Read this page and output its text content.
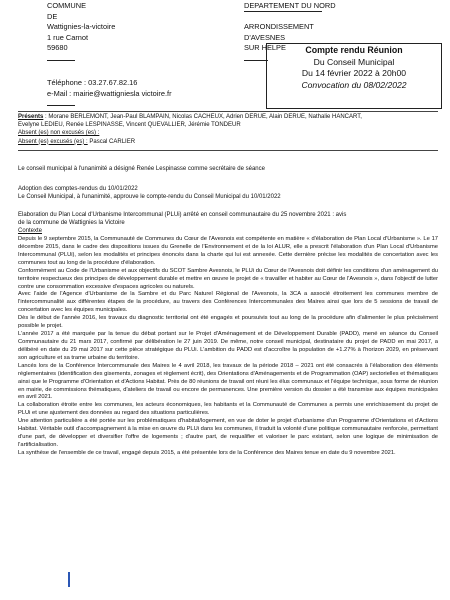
COMMUNE
DE
Wattignies-la-victoire
1 rue Carnot
59680
Téléphone : 03.27.67.82.16
e-Mail : mairie@wattigniesla victoire.fr
DEPARTEMENT DU NORD
ARRONDISSEMENT
D'AVESNES
SUR HELPE	Compte rendu Réunion
Du Conseil Municipal
Du 14 février 2022 à 20h00
Convocation du 08/02/2022
Présents : Morane BERLEMONT, Jean-Paul BLAMPAIN, Nicolas CACHEUX, Adrien DERUE, Alain DERUE, Nathalie HANCART,
Evelyne LEDIEU, Renée LESPINASSE, Vincent QUEVALLIER, Jérémie TONDEUR
Absent (es) non excusés (es) :
Absent (es) excusés (es) : Pascal CARLIER
Le conseil municipal à l'unanimité a désigné Renée Lespinasse comme secrétaire de séance
Adoption des comptes-rendus du 10/01/2022
Le Conseil Municipal, à l'unanimité, approuve le compte-rendu du Conseil Municipal du 10/01/2022
Elaboration du Plan Local d'Urbanisme Intercommunal (PLUi) arrêté en conseil communautaire du 25 novembre 2021 : avis
de la commune de Wattignies la Victoire
Contexte

Depuis le 9 septembre 2015, la Communauté de Communes du Cœur de l'Avesnois est compétente en matière « d'élaboration de Plan Local d'Urbanisme ». Le 17 décembre 2015, dans le cadre des dispositions issues du Grenelle de l'Environnement et de la loi ALUR, elle a prescrit l'élaboration d'un Plan Local d'Urbanisme Intercommunal (PLUi), selon les modalités et principes énoncés dans la charte qui lui est annexée. Cette dernière précise les modalités de concertation avec les communes tout au long de la procédure d'élaboration.

Conformément au Code de l'Urbanisme et aux objectifs du SCOT Sambre Avesnois, le PLUi du Cœur de l'Avesnois doit définir les conditions d'un aménagement du territoire respectueux des principes de développement durable et mettre en œuvre le projet de « travailler et habiter au Cœur de l'Avesnois », dans l'objectif de lutter contre une consommation excessive d'espaces agricoles ou naturels.

Avec l'aide de l'Agence d'Urbanisme de la Sambre et du Parc Naturel Régional de l'Avesnois, la 3CA a associé étroitement les communes membre de l'intercommunalité aux différentes étapes de la procédure, au travers des Conférences Intercommunales des Maires ainsi que lors de 5 sessions de travail de concertation avec les équipes municipales.

Dès le début de l'année 2016, les travaux du diagnostic territorial ont été engagés et poursuivis tout au long de la procédure afin d'alimenter le plus précisément possible le projet.

L'année 2017 a été marquée par la tenue du débat portant sur le Projet d'Aménagement et de Développement Durable (PADD), mené en séance du Conseil Communautaire du 21 mars 2017, confirmé par délibération le 27 juin 2019. De même, notre conseil municipal, destinataire du projet de PADD en mai 2017, a délibéré en date du 29 mai 2017 sur cette pièce stratégique du PLUi. L'ambition du PADD est d'accroître la population de +1.27% à l'horizon 2029, en préservant son agriculture et sa trame urbaine du territoire.

Lancés lors de la Conférence Intercommunale des Maires le 4 avril 2018, les travaux de la période 2018 – 2021 ont été consacrés à l'élaboration des éléments réglementaires (identification des gisements, zonages et règlement écrit), des Orientations d'Aménagements et de Programmation (OAP) sectorielles et thématiques ainsi que le Programme d'Orientation et d'Actions Habitat. Près de 80 réunions de travail ont réuni les élus communaux et l'équipe technique, sous forme de réunion en mairie, de commissions thématiques, d'ateliers de travail ou encore de permanences. Une première version du dossier a été transmise aux équipes municipales en avril 2021.

La collaboration étroite entre les communes, les acteurs économiques, les habitants et la Communauté de Communes a permis une enrichissement du projet de PLUi et une ajustement des données au regard des situations particulières.

Une attention particulière a été portée sur les problématiques d'habitat/logement, en vue de doter le projet d'urbanisme d'un Programme d'Orientations et d'Actions Habitat. Véritable outil d'accompagnement à la mise en œuvre du PLUi dans les communes, il traduit la volonté d'une politique communautaire renforcée, permettant d'une part, de développer et diversifier l'offre de logements ; d'autre part, de requalifier et valoriser le parc existant, selon une logique de minimisation de l'artificialisation.

La synthèse de l'ensemble de ce travail, engagé depuis 2015, a été présentée lors de la Conférence des Maires tenue en date du 9 novembre 2021.
